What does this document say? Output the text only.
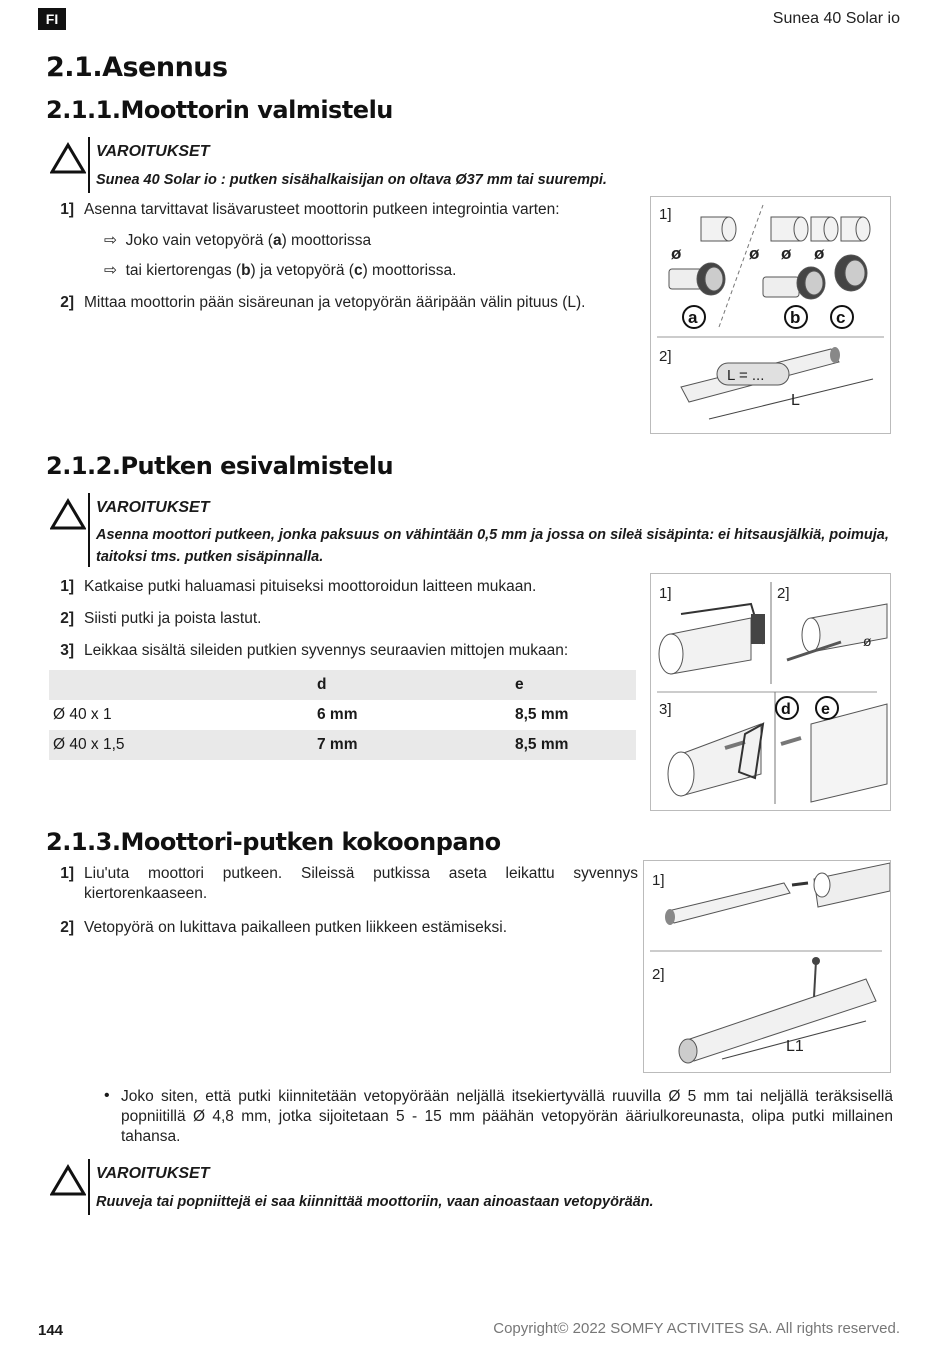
FI	Sunea 40 Solar io
2.1.Asennus
2.1.1.Moottorin valmistelu
VAROITUKSET
Sunea 40 Solar io : putken sisähalkaisijan on oltava Ø37 mm tai suurempi.
1] Asenna tarvittavat lisävarusteet moottorin putkeen integrointia varten:
⇨ Joko vain vetopyörä (a) moottorissa
⇨ tai kiertorengas (b) ja vetopyörä (c) moottorissa.
2] Mittaa moottorin pään sisäreunan ja vetopyörän ääripään välin pituus (L).
1]
ø	ø ø ø
a	b c
2]
L = ...
L
2.1.2.Putken esivalmistelu
VAROITUKSET
Asenna moottori putkeen, jonka paksuus on vähintään 0,5 mm ja jossa on sileä sisäpinta: ei hitsausjälkiä, poimuja, taitoksi tms. putken sisäpinnalla.
1] Katkaise putki haluamasi pituiseksi moottoroidun laitteen mukaan.
2] Siisti putki ja poista lastut.
3] Leikkaa sisältä sileiden putkien syvennys seuraavien mittojen mukaan:
	d	e
Ø 40 x 1	6 mm	8,5 mm
Ø 40 x 1,5	7 mm	8,5 mm
1]	2]
ø
3]	d e
2.1.3.Moottori-putken kokoonpano
1] Liu'uta moottori putkeen. Sileissä putkissa aseta leikattu syvennys kiertorenkaaseen.
2] Vetopyörä on lukittava paikalleen putken liikkeen estämiseksi.
1]
2]
L1
• Joko siten, että putki kiinnitetään vetopyörään neljällä itsekiertyvällä ruuvilla Ø 5 mm tai neljällä teräksisellä popniitillä Ø 4,8 mm, jotka sijoitetaan 5 - 15 mm päähän vetopyörän ääriulkoreunasta, olipa putki millainen tahansa.
VAROITUKSET
Ruuveja tai popniittejä ei saa kiinnittää moottoriin, vaan ainoastaan vetopyörään.
144	Copyright© 2022 SOMFY ACTIVITES SA. All rights reserved.
